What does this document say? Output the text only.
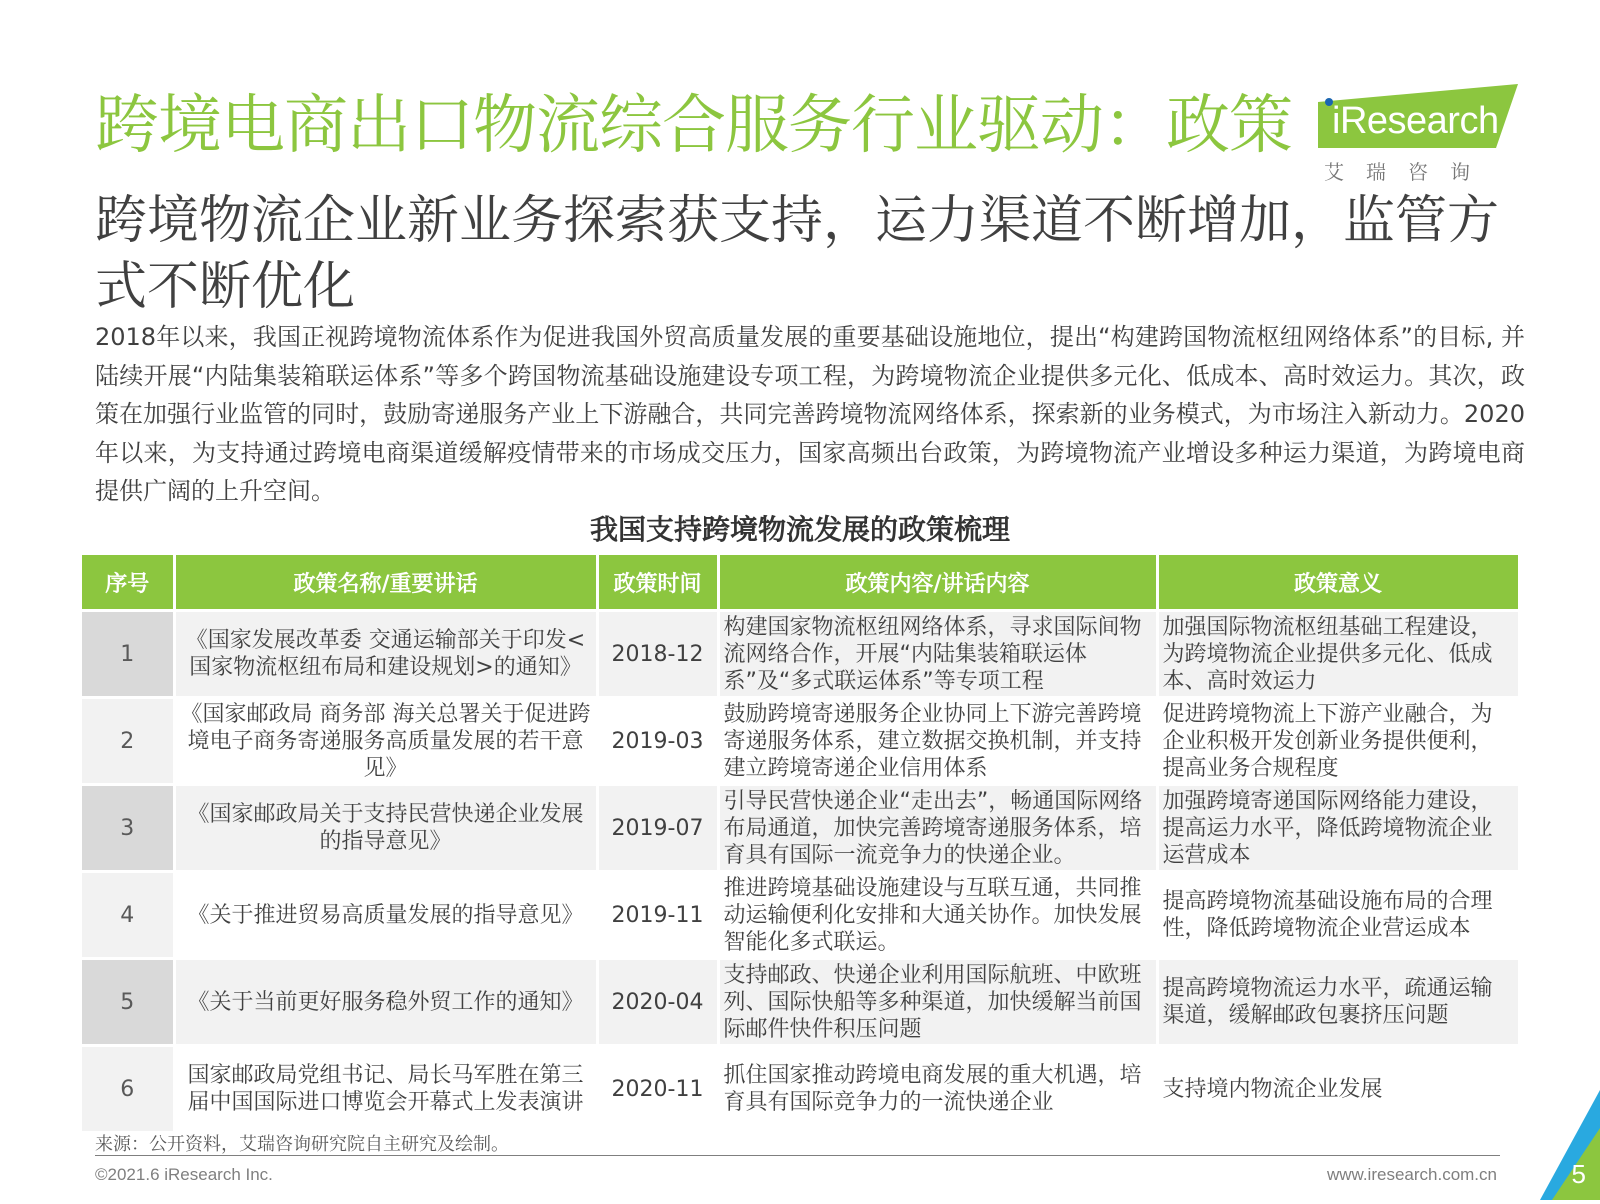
跨境电商出口物流综合服务行业驱动：政策 iResearch
艾瑞咨询
跨境物流企业新业务探索获支持，运力渠道不断增加，监管方式不断优化
2018年以来，我国正视跨境物流体系作为促进我国外贸高质量发展的重要基础设施地位，提出“构建跨国物流枢纽网络体系”的目标, 并陆续开展“内陆集装箱联运体系”等多个跨国物流基础设施建设专项工程，为跨境物流企业提供多元化、低成本、高时效运力。其次，政策在加强行业监管的同时，鼓励寄递服务产业上下游融合，共同完善跨境物流网络体系，探索新的业务模式，为市场注入新动力。2020年以来，为支持通过跨境电商渠道缓解疫情带来的市场成交压力，国家高频出台政策，为跨境物流产业增设多种运力渠道，为跨境电商提供广阔的上升空间。
我国支持跨境物流发展的政策梳理
序号	政策名称/重要讲话	政策时间	政策内容/讲话内容	政策意义
1	《国家发展改革委 交通运输部关于印发<国家物流枢纽布局和建设规划>的通知》	2018-12	构建国家物流枢纽网络体系，寻求国际间物流网络合作，开展“内陆集装箱联运体系”及“多式联运体系”等专项工程	加强国际物流枢纽基础工程建设，为跨境物流企业提供多元化、低成本、高时效运力
2	《国家邮政局 商务部 海关总署关于促进跨境电子商务寄递服务高质量发展的若干意见》	2019-03	鼓励跨境寄递服务企业协同上下游完善跨境寄递服务体系，建立数据交换机制，并支持建立跨境寄递企业信用体系	促进跨境物流上下游产业融合，为企业积极开发创新业务提供便利，提高业务合规程度
3	《国家邮政局关于支持民营快递企业发展的指导意见》	2019-07	引导民营快递企业“走出去”，畅通国际网络布局通道，加快完善跨境寄递服务体系，培育具有国际一流竞争力的快递企业。	加强跨境寄递国际网络能力建设，提高运力水平，降低跨境物流企业运营成本
4	《关于推进贸易高质量发展的指导意见》	2019-11	推进跨境基础设施建设与互联互通，共同推动运输便利化安排和大通关协作。加快发展智能化多式联运。	提高跨境物流基础设施布局的合理性，降低跨境物流企业营运成本
5	《关于当前更好服务稳外贸工作的通知》	2020-04	支持邮政、快递企业利用国际航班、中欧班列、国际快船等多种渠道，加快缓解当前国际邮件快件积压问题	提高跨境物流运力水平，疏通运输渠道，缓解邮政包裹挤压问题
6	国家邮政局党组书记、局长马军胜在第三届中国国际进口博览会开幕式上发表演讲	2020-11	抓住国家推动跨境电商发展的重大机遇，培育具有国际竞争力的一流快递企业	支持境内物流企业发展
来源：公开资料，艾瑞咨询研究院自主研究及绘制。
©2021.6 iResearch Inc.	www.iresearch.com.cn	5
